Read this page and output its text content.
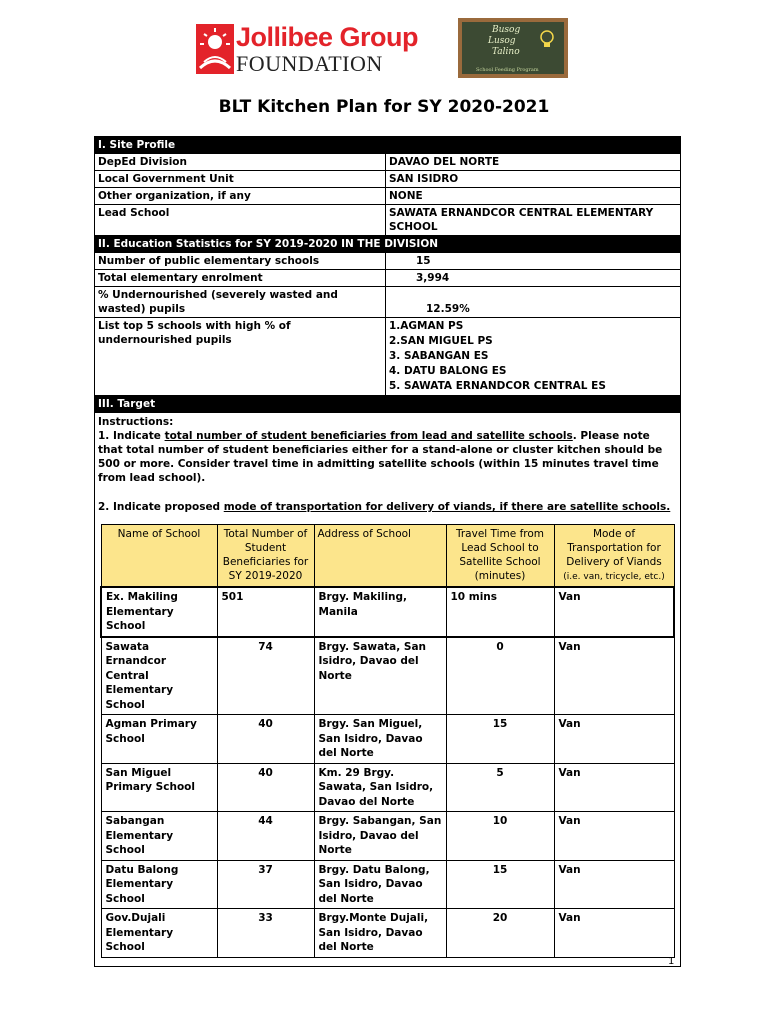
Jollibee Group
FOUNDATION
Busog
Lusog
Talino
School Feeding Program
BLT Kitchen Plan for SY 2020-2021
I. Site Profile
DepEd Division	DAVAO DEL NORTE
Local Government Unit	SAN ISIDRO
Other organization, if any	NONE
Lead School	SAWATA ERNANDCOR CENTRAL ELEMENTARY SCHOOL
II. Education Statistics for SY 2019-2020 IN THE DIVISION
Number of public elementary schools	15
Total elementary enrolment	3,994
% Undernourished (severely wasted and wasted) pupils	12.59%
List top 5 schools with high % of undernourished pupils	
1.AGMAN PS
2.SAN MIGUEL PS
3. SABANGAN ES
4. DATU BALONG ES
5. SAWATA ERNANDCOR CENTRAL ES

III. Target

Instructions:

1. Indicate total number of student beneficiaries from lead and satellite schools. Please note that total number of student beneficiaries either for a stand-alone or cluster kitchen should be 500 or more. Consider travel time in admitting satellite schools (within 15 minutes travel time from lead school).

2. Indicate proposed mode of transportation for delivery of viands, if there are satellite schools.

Name of School	Total Number of Student Beneficiaries for SY 2019-2020	Address of School	Travel Time from Lead School to Satellite School (minutes)	Mode of Transportation for Delivery of Viands
(i.e. van, tricycle, etc.)
Ex. Makiling Elementary School	501	Brgy. Makiling, Manila	10 mins	Van
Sawata Ernandcor Central Elementary School	74	Brgy. Sawata, San Isidro, Davao del Norte	0	Van
Agman Primary School	40	Brgy. San Miguel, San Isidro, Davao del Norte	15	Van
San Miguel Primary School	40	Km. 29 Brgy. Sawata, San Isidro, Davao del Norte	5	Van
Sabangan Elementary School	44	Brgy. Sabangan, San Isidro, Davao del Norte	10	Van
Datu Balong Elementary School	37	Brgy. Datu Balong, San Isidro, Davao del Norte	15	Van
Gov.Dujali Elementary School	33	Brgy.Monte Dujali, San Isidro, Davao del Norte	20	Van
1
